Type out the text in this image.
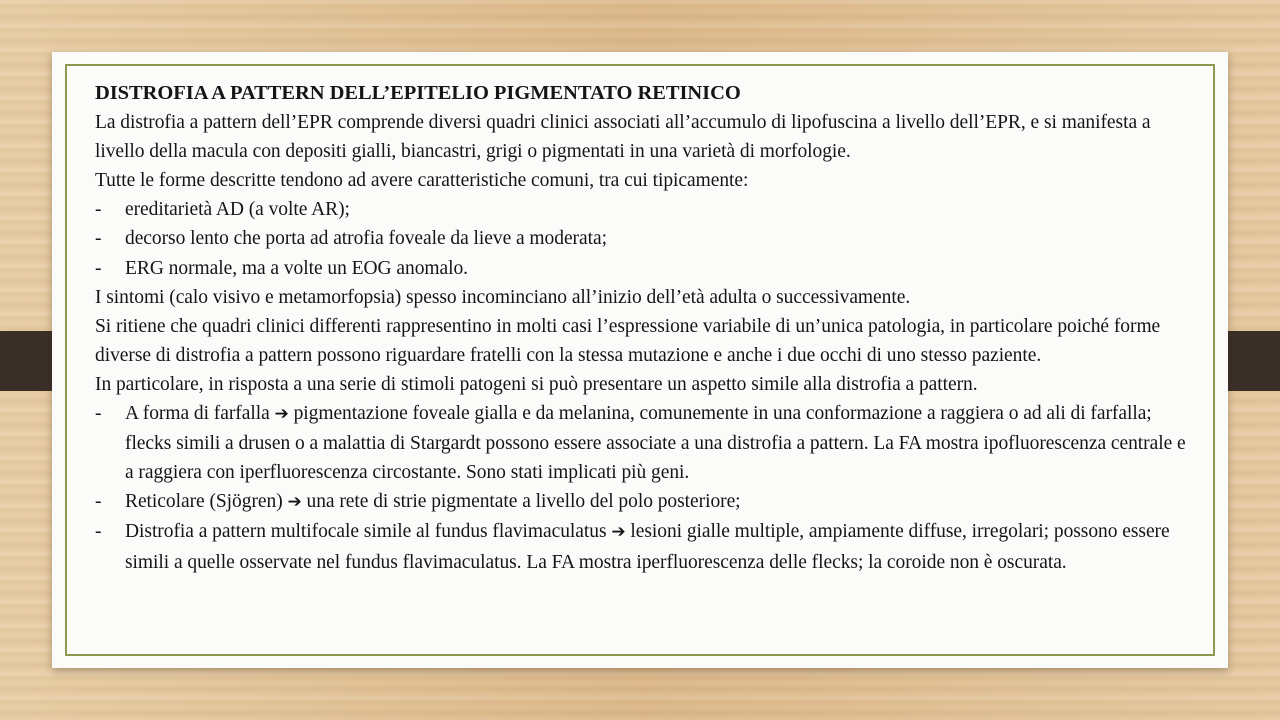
DISTROFIA A PATTERN DELL’EPITELIO PIGMENTATO RETINICO

La distrofia a pattern dell’EPR comprende diversi quadri clinici associati all’accumulo di lipofuscina a livello dell’EPR, e si manifesta a livello della macula con depositi gialli, biancastri, grigi o pigmentati in una varietà di morfologie.

Tutte le forme descritte tendono ad avere caratteristiche comuni, tra cui tipicamente:

- ereditarietà AD (a volte AR);
- decorso lento che porta ad atrofia foveale da lieve a moderata;
- ERG normale, ma a volte un EOG anomalo.

I sintomi (calo visivo e metamorfopsia) spesso incominciano all’inizio dell’età adulta o successivamente.

Si ritiene che quadri clinici differenti rappresentino in molti casi l’espressione variabile di un’unica patologia, in particolare poiché forme diverse di distrofia a pattern possono riguardare fratelli con la stessa mutazione e anche i due occhi di uno stesso paziente.

In particolare, in risposta a una serie di stimoli patogeni si può presentare un aspetto simile alla distrofia a pattern.

- A forma di farfalla ➔ pigmentazione foveale gialla e da melanina, comunemente in una conformazione a raggiera o ad ali di farfalla; flecks simili a drusen o a malattia di Stargardt possono essere associate a una distrofia a pattern. La FA mostra ipofluorescenza centrale e a raggiera con iperfluorescenza circostante. Sono stati implicati più geni.
- Reticolare (Sjögren) ➔ una rete di strie pigmentate a livello del polo posteriore;
- Distrofia a pattern multifocale simile al fundus flavimaculatus ➔ lesioni gialle multiple, ampiamente diffuse, irregolari; possono essere simili a quelle osservate nel fundus flavimaculatus. La FA mostra iperfluorescenza delle flecks; la coroide non è oscurata.
